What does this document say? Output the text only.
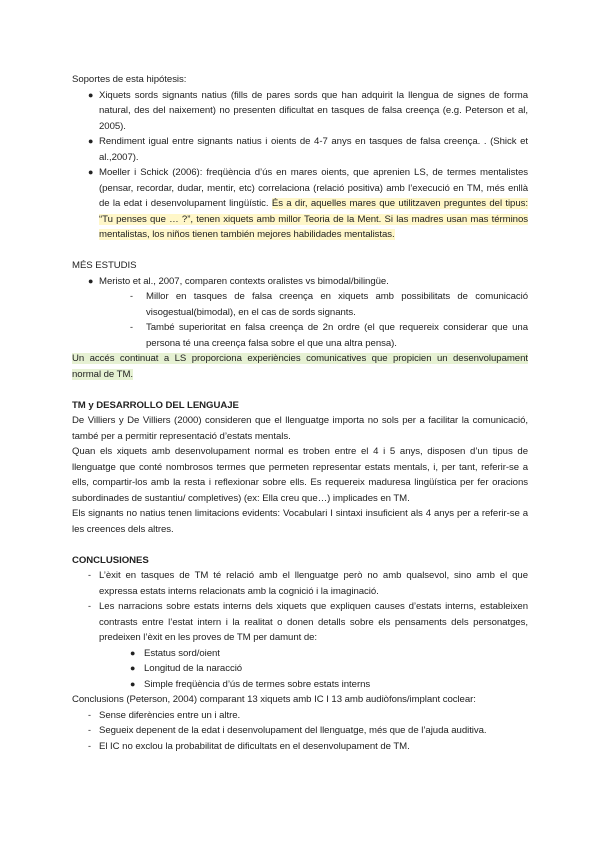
Soportes de esta hipótesis:

● Xiquets sords signants natius (fills de pares sords que han adquirit la llengua de signes de forma natural, des del naixement) no presenten dificultat en tasques de falsa creença (e.g. Peterson et al, 2005).
● Rendiment igual entre signants natius i oients de 4-7 anys en tasques de falsa creença. . (Shick et al.,2007).
● Moeller i Schick (2006): freqüència d’ús en mares oients, que aprenien LS, de termes mentalistes (pensar, recordar, dudar, mentir, etc) correlaciona (relació positiva) amb l’execució en TM, més enllà de la edat i desenvolupament lingüístic. És a dir, aquelles mares que utilitzaven preguntes del tipus: “Tu penses que … ?”, tenen xiquets amb millor Teoria de la Ment. Si las madres usan mas términos mentalistas, los niños tienen también mejores habilidades mentalistas.

MÉS ESTUDIS

● Meristo et al., 2007, comparen contexts oralistes vs bimodal/bilingüe.
- Millor en tasques de falsa creença en xiquets amb possibilitats de comunicació visogestual(bimodal), en el cas de sords signants.
- També superioritat en falsa creença de 2n ordre (el que requereix considerar que una persona té una creença falsa sobre el que una altra pensa).

Un accés continuat a LS proporciona experiències comunicatives que propicien un desenvolupament normal de TM.

TM y DESARROLLO DEL LENGUAJE

De Villiers y De Villiers (2000) consideren que el llenguatge importa no sols per a facilitar la comunicació, també per a permitir representació d’estats mentals.

Quan els xiquets amb desenvolupament normal es troben entre el 4 i 5 anys, disposen d’un tipus de llenguatge que conté nombrosos termes que permeten representar estats mentals, i, per tant, referir-se a ells, compartir-los amb la resta i reflexionar sobre ells. Es requereix maduresa lingüística per fer oracions subordinades de sustantiu/ completives) (ex: Ella creu que…) implicades en TM.

Els signants no natius tenen limitacions evidents: Vocabulari I sintaxi insuficient als 4 anys per a referir-se a les creences dels altres.

CONCLUSIONES

- L’èxit en tasques de TM té relació amb el llenguatge però no amb qualsevol, sino amb el que expressa estats interns relacionats amb la cognició i la imaginació.
- Les narracions sobre estats interns dels xiquets que expliquen causes d’estats interns, estableixen contrasts entre l’estat intern i la realitat o donen detalls sobre els pensaments dels personatges, predeixen l’èxit en les proves de TM per damunt de:
● Estatus sord/oient
● Longitud de la naracció
● Simple freqüència d’ús de termes sobre estats interns

Conclusions (Peterson, 2004) comparant 13 xiquets amb IC I 13 amb audiòfons/implant coclear:

- Sense diferències entre un i altre.
- Segueix depenent de la edat i desenvolupament del llenguatge, més que de l’ajuda auditiva.
- El IC no exclou la probabilitat de dificultats en el desenvolupament de TM.
